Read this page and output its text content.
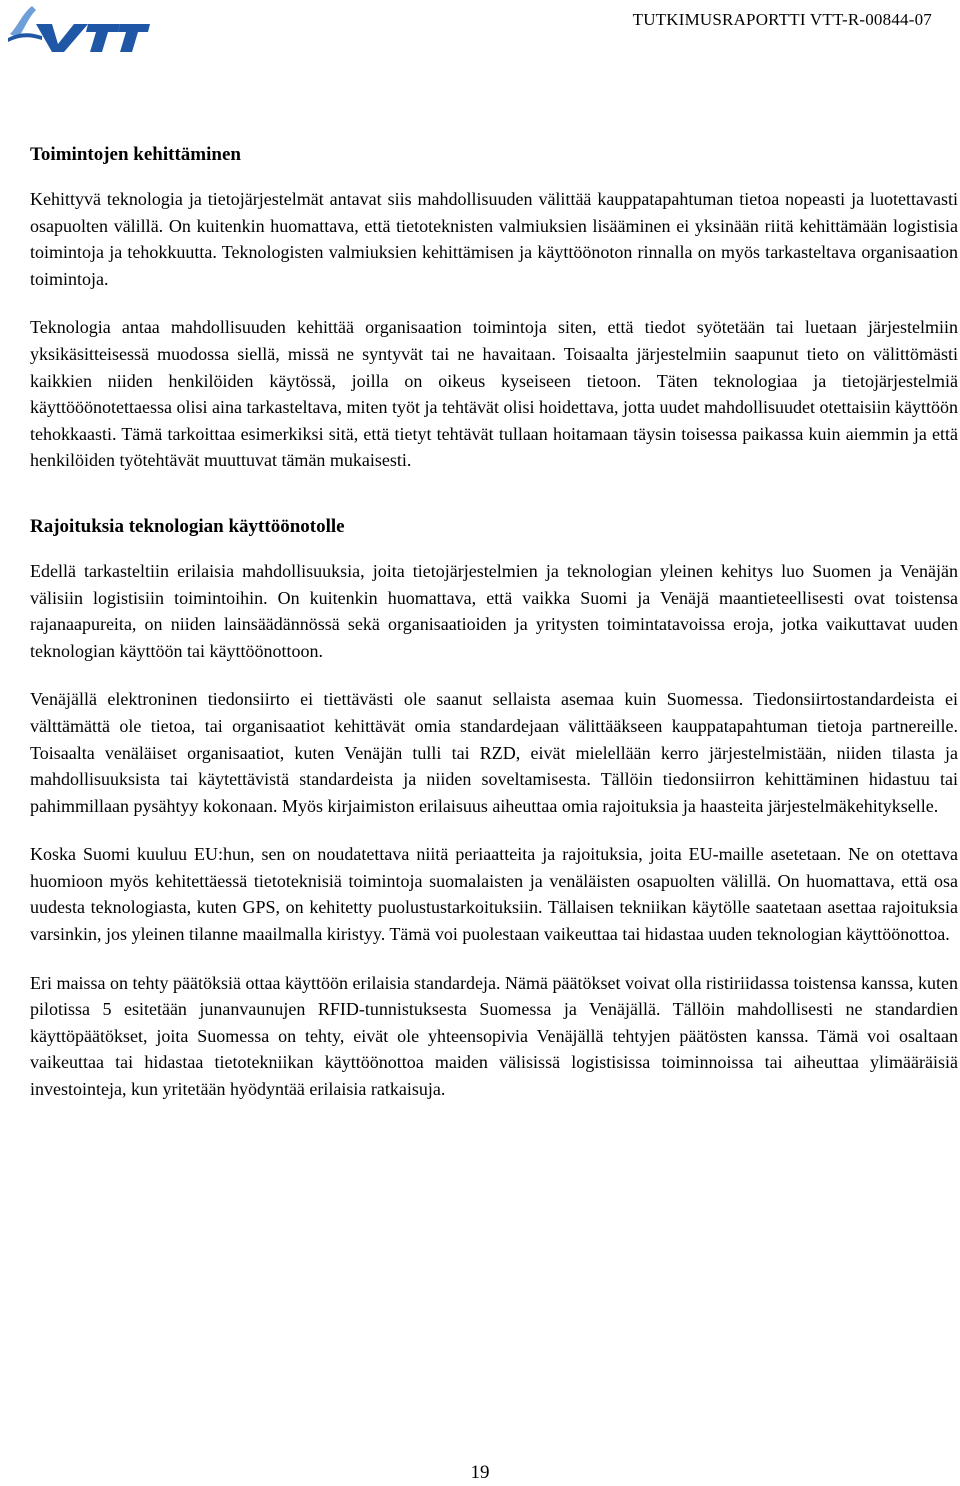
TUTKIMUSRAPORTTI VTT-R-00844-07
Toimintojen kehittäminen

Kehittyvä teknologia ja tietojärjestelmät antavat siis mahdollisuuden välittää kauppatapahtuman tietoa nopeasti ja luotettavasti osapuolten välillä. On kuitenkin huomattava, että tietoteknisten valmiuksien lisääminen ei yksinään riitä kehittämään logistisia toimintoja ja tehokkuutta. Teknologisten valmiuksien kehittämisen ja käyttöönoton rinnalla on myös tarkasteltava organisaation toimintoja.

Teknologia antaa mahdollisuuden kehittää organisaation toimintoja siten, että tiedot syötetään tai luetaan järjestelmiin yksikäsitteisessä muodossa siellä, missä ne syntyvät tai ne havaitaan. Toisaalta järjestelmiin saapunut tieto on välittömästi kaikkien niiden henkilöiden käytössä, joilla on oikeus kyseiseen tietoon. Täten teknologiaa ja tietojärjestelmiä käyttööönotettaessa olisi aina tarkasteltava, miten työt ja tehtävät olisi hoidettava, jotta uudet mahdollisuudet otettaisiin käyttöön tehokkaasti. Tämä tarkoittaa esimerkiksi sitä, että tietyt tehtävät tullaan hoitamaan täysin toisessa paikassa kuin aiemmin ja että henkilöiden työtehtävät muuttuvat tämän mukaisesti.

Rajoituksia teknologian käyttöönotolle

Edellä tarkasteltiin erilaisia mahdollisuuksia, joita tietojärjestelmien ja teknologian yleinen kehitys luo Suomen ja Venäjän välisiin logistisiin toimintoihin. On kuitenkin huomattava, että vaikka Suomi ja Venäjä maantieteellisesti ovat toistensa rajanaapureita, on niiden lainsäädännössä sekä organisaatioiden ja yritysten toimintatavoissa eroja, jotka vaikuttavat uuden teknologian käyttöön tai käyttöönottoon.

Venäjällä elektroninen tiedonsiirto ei tiettävästi ole saanut sellaista asemaa kuin Suomessa. Tiedonsiirtostandardeista ei välttämättä ole tietoa, tai organisaatiot kehittävät omia standardejaan välittääkseen kauppatapahtuman tietoja partnereille. Toisaalta venäläiset organisaatiot, kuten Venäjän tulli tai RZD, eivät mielellään kerro järjestelmistään, niiden tilasta ja mahdollisuuksista tai käytettävistä standardeista ja niiden soveltamisesta. Tällöin tiedonsiirron kehittäminen hidastuu tai pahimmillaan pysähtyy kokonaan. Myös kirjaimiston erilaisuus aiheuttaa omia rajoituksia ja haasteita järjestelmäkehitykselle.

Koska Suomi kuuluu EU:hun, sen on noudatettava niitä periaatteita ja rajoituksia, joita EU-maille asetetaan. Ne on otettava huomioon myös kehitettäessä tietoteknisiä toimintoja suomalaisten ja venäläisten osapuolten välillä. On huomattava, että osa uudesta teknologiasta, kuten GPS, on kehitetty puolustustarkoituksiin. Tällaisen tekniikan käytölle saatetaan asettaa rajoituksia varsinkin, jos yleinen tilanne maailmalla kiristyy. Tämä voi puolestaan vaikeuttaa tai hidastaa uuden teknologian käyttöönottoa.

Eri maissa on tehty päätöksiä ottaa käyttöön erilaisia standardeja. Nämä päätökset voivat olla ristiriidassa toistensa kanssa, kuten pilotissa 5 esitetään junanvaunujen RFID-tunnistuksesta Suomessa ja Venäjällä. Tällöin mahdollisesti ne standardien käyttöpäätökset, joita Suomessa on tehty, eivät ole yhteensopivia Venäjällä tehtyjen päätösten kanssa. Tämä voi osaltaan vaikeuttaa tai hidastaa tietotekniikan käyttöönottoa maiden välisissä logistisissa toiminnoissa tai aiheuttaa ylimääräisiä investointeja, kun yritetään hyödyntää erilaisia ratkaisuja.

19
